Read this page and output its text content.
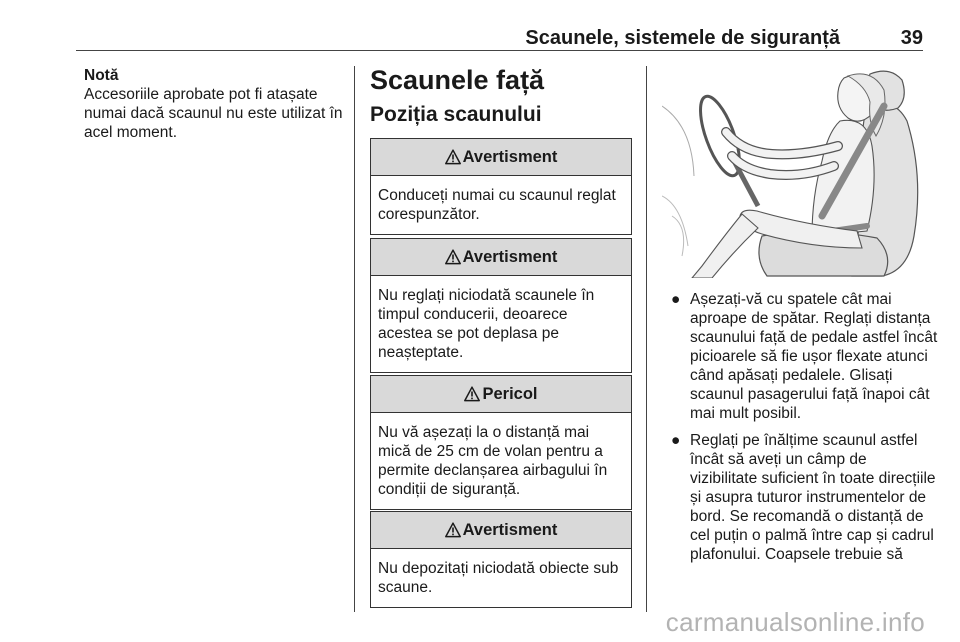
Scaunele, sistemele de siguranță	39
Notă
Accesoriile aprobate pot fi atașate numai dacă scaunul nu este utilizat în acel moment.
Scaunele față
Poziția scaunului
Avertisment
Conduceți numai cu scaunul reglat corespunzător.
Avertisment
Nu reglați niciodată scaunele în timpul conducerii, deoarece acestea se pot deplasa pe neașteptate.
Pericol
Nu vă așezați la o distanță mai mică de 25 cm de volan pentru a permite declanșarea airbagului în condiții de siguranță.
Avertisment
Nu depozitați niciodată obiecte sub scaune.
● Așezați-vă cu spatele cât mai aproape de spătar. Reglați distanța scaunului față de pedale astfel încât picioarele să fie ușor flexate atunci când apăsați pedalele. Glisați scaunul pasagerului față înapoi cât mai mult posibil.
● Reglați pe înălțime scaunul astfel încât să aveți un câmp de vizibilitate suficient în toate direcțiile și asupra tuturor instrumentelor de bord. Se recomandă o distanță de cel puțin o palmă între cap și cadrul plafonului. Coapsele trebuie să
carmanualsonline.info
